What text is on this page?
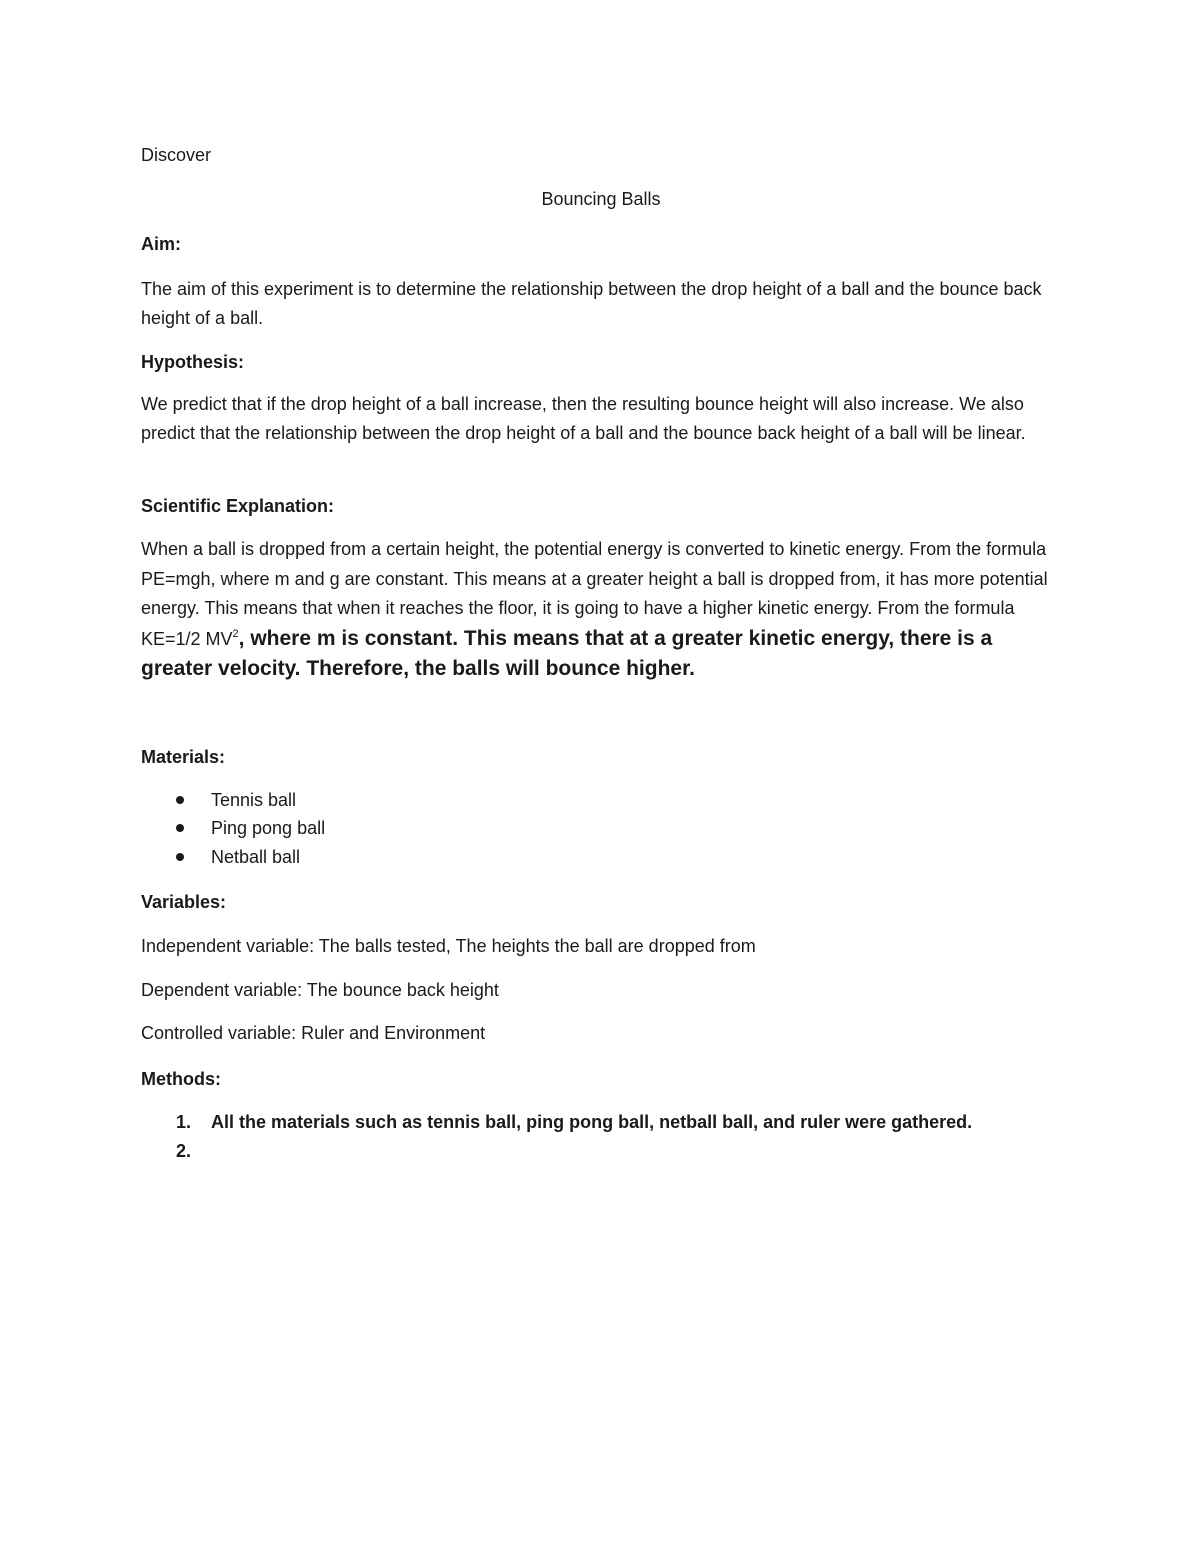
Discover
Bouncing Balls
Aim:
The aim of this experiment is to determine the relationship between the drop height of a ball and the bounce back height of a ball.
Hypothesis:
We predict that if the drop height of a ball increase, then the resulting bounce height will also increase. We also predict that the relationship between the drop height of a ball and the bounce back height of a ball will be linear.
Scientific Explanation:
When a ball is dropped from a certain height, the potential energy is converted to kinetic energy. From the formula PE=mgh, where m and g are constant. This means at a greater height a ball is dropped from, it has more potential energy. This means that when it reaches the floor, it is going to have a higher kinetic energy. From the formula KE=1/2 $MV^2$, where m is constant. This means that at a greater kinetic energy, there is a greater velocity. Therefore, the balls will bounce higher.
Materials:
Tennis ball
Ping pong ball
Netball ball
Variables:
Independent variable: The balls tested, The heights the ball are dropped from
Dependent variable: The bounce back height
Controlled variable: Ruler and Environment
Methods:
1. All the materials such as tennis ball, ping pong ball, netball ball, and ruler were gathered.
2.
